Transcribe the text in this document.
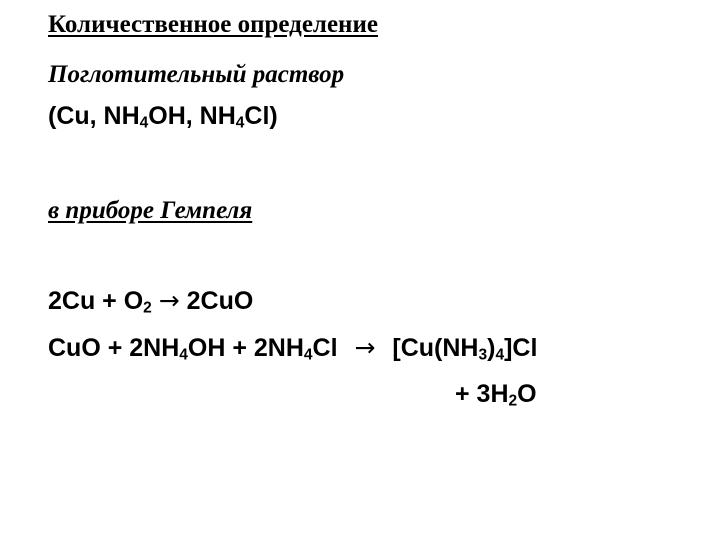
Количественное определение
Поглотительный раствор
(Cu, $NH_4OH$, $NH_4Cl$)
в приборе Гемпеля
$2Cu + O_2 \to 2CuO$
CuO + $2NH_4OH + 2NH_4Cl \to [Cu(NH_3)_4]Cl$
+ $3H_2O$
